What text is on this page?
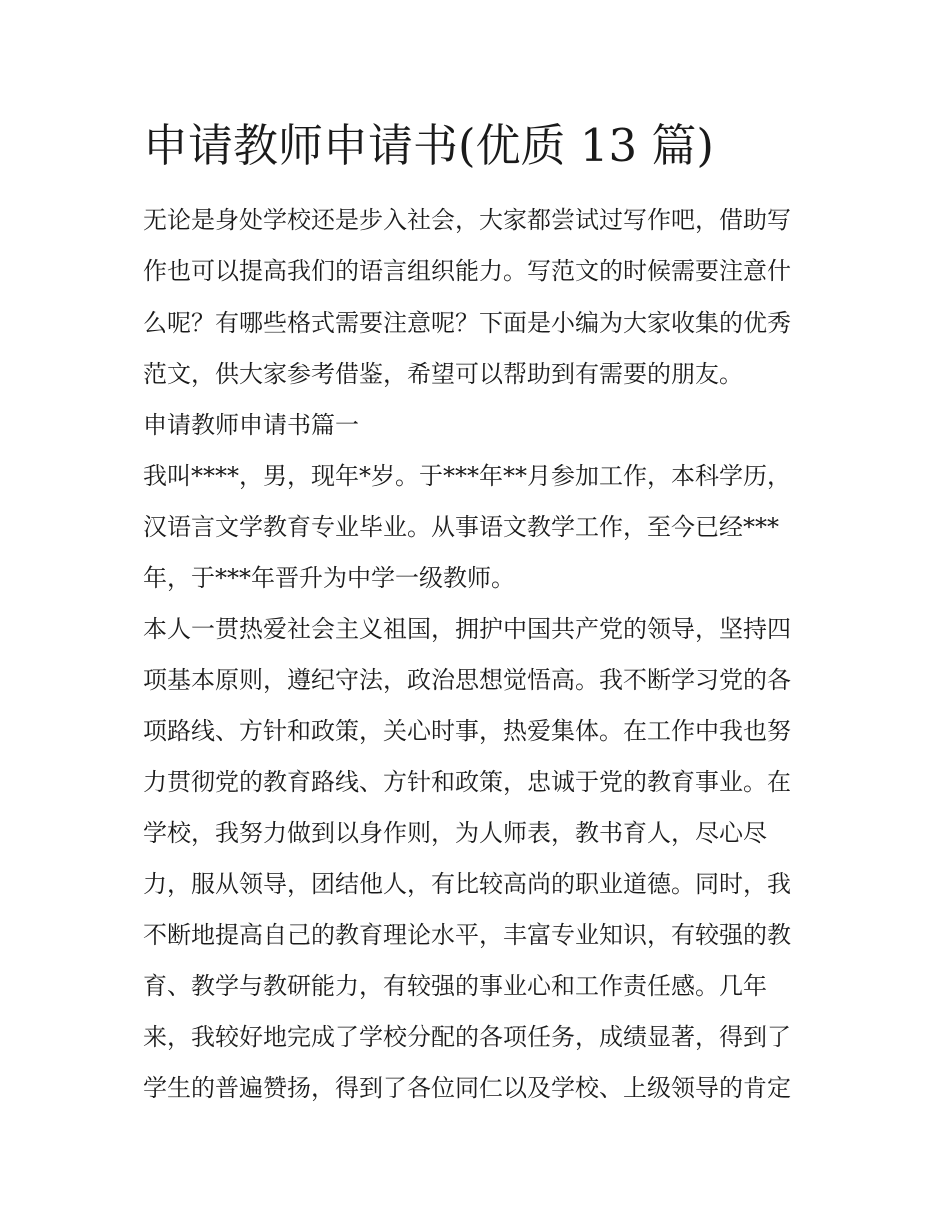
申请教师申请书(优质 13 篇)

无论是身处学校还是步入社会，大家都尝试过写作吧，借助写

作也可以提高我们的语言组织能力。写范文的时候需要注意什

么呢？有哪些格式需要注意呢？下面是小编为大家收集的优秀

范文，供大家参考借鉴，希望可以帮助到有需要的朋友。

申请教师申请书篇一

我叫****，男，现年*岁。于***年**月参加工作，本科学历，

汉语言文学教育专业毕业。从事语文教学工作，至今已经***

年，于***年晋升为中学一级教师。

本人一贯热爱社会主义祖国，拥护中国共产党的领导，坚持四

项基本原则，遵纪守法，政治思想觉悟高。我不断学习党的各

项路线、方针和政策，关心时事，热爱集体。在工作中我也努

力贯彻党的教育路线、方针和政策，忠诚于党的教育事业。在

学校，我努力做到以身作则，为人师表，教书育人，尽心尽

力，服从领导，团结他人，有比较高尚的职业道德。同时，我

不断地提高自己的教育理论水平，丰富专业知识，有较强的教

育、教学与教研能力，有较强的事业心和工作责任感。几年

来，我较好地完成了学校分配的各项任务，成绩显著，得到了

学生的普遍赞扬，得到了各位同仁以及学校、上级领导的肯定
